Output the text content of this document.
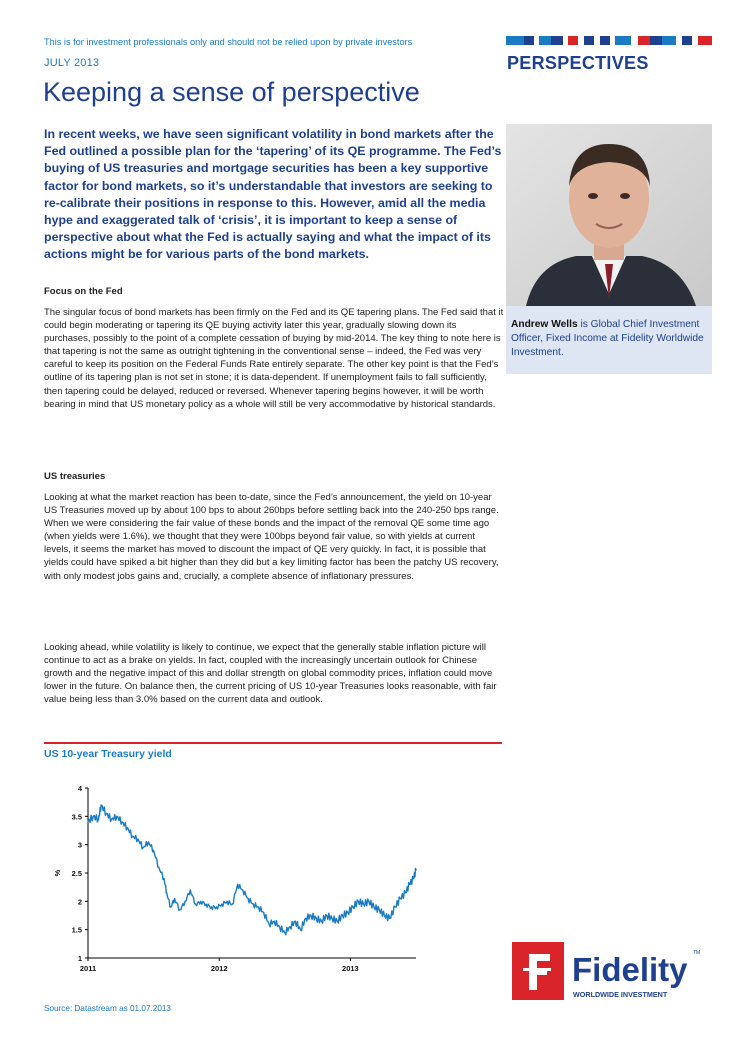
This is for investment professionals only and should not be relied upon by private investors
JULY 2013
Keeping a sense of perspective
PERSPECTIVES
In recent weeks, we have seen significant volatility in bond markets after the Fed outlined a possible plan for the ‘tapering’ of its QE programme. The Fed’s buying of US treasuries and mortgage securities has been a key supportive factor for bond markets, so it’s understandable that investors are seeking to re-calibrate their positions in response to this. However, amid all the media hype and exaggerated talk of ‘crisis’, it is important to keep a sense of perspective about what the Fed is actually saying and what the impact of its actions might be for various parts of the bond markets.
Focus on the Fed
The singular focus of bond markets has been firmly on the Fed and its QE tapering plans. The Fed said that it could begin moderating or tapering its QE buying activity later this year, gradually slowing down its purchases, possibly to the point of a complete cessation of buying by mid-2014. The key thing to note here is that tapering is not the same as outright tightening in the conventional sense – indeed, the Fed was very careful to keep its position on the Federal Funds Rate entirely separate. The other key point is that the Fed’s outline of its tapering plan is not set in stone; it is data-dependent. If unemployment fails to fall sufficiently, then tapering could be delayed, reduced or reversed. Whenever tapering begins however, it will be worth bearing in mind that US monetary policy as a whole will still be very accommodative by historical standards.
US treasuries
Looking at what the market reaction has been to-date, since the Fed’s announcement, the yield on 10-year US Treasuries moved up by about 100 bps to about 260bps before settling back into the 240-250 bps range. When we were considering the fair value of these bonds and the impact of the removal QE some time ago (when yields were 1.6%), we thought that they were 100bps beyond fair value, so with yields at current levels, it seems the market has moved to discount the impact of QE very quickly. In fact, it is possible that yields could have spiked a bit higher than they did but a key limiting factor has been the patchy US recovery, with only modest jobs gains and, crucially, a complete absence of inflationary pressures.
Looking ahead, while volatility is likely to continue, we expect that the generally stable inflation picture will continue to act as a brake on yields. In fact, coupled with the increasingly uncertain outlook for Chinese growth and the negative impact of this and dollar strength on global commodity prices, inflation could move lower in the future. On balance then, the current pricing of US 10-year Treasuries looks reasonable, with fair value being less than 3.0% based on the current data and outlook.

Andrew Wells is Global Chief Investment Officer, Fixed Income at Fidelity Worldwide Investment.

US 10-year Treasury yield
1
1.5
2
2.5
3
3.5
4
2011	2012	2013
%
Source: Datastream as 01.07.2013
Fidelity TM
WORLDWIDE INVESTMENT
